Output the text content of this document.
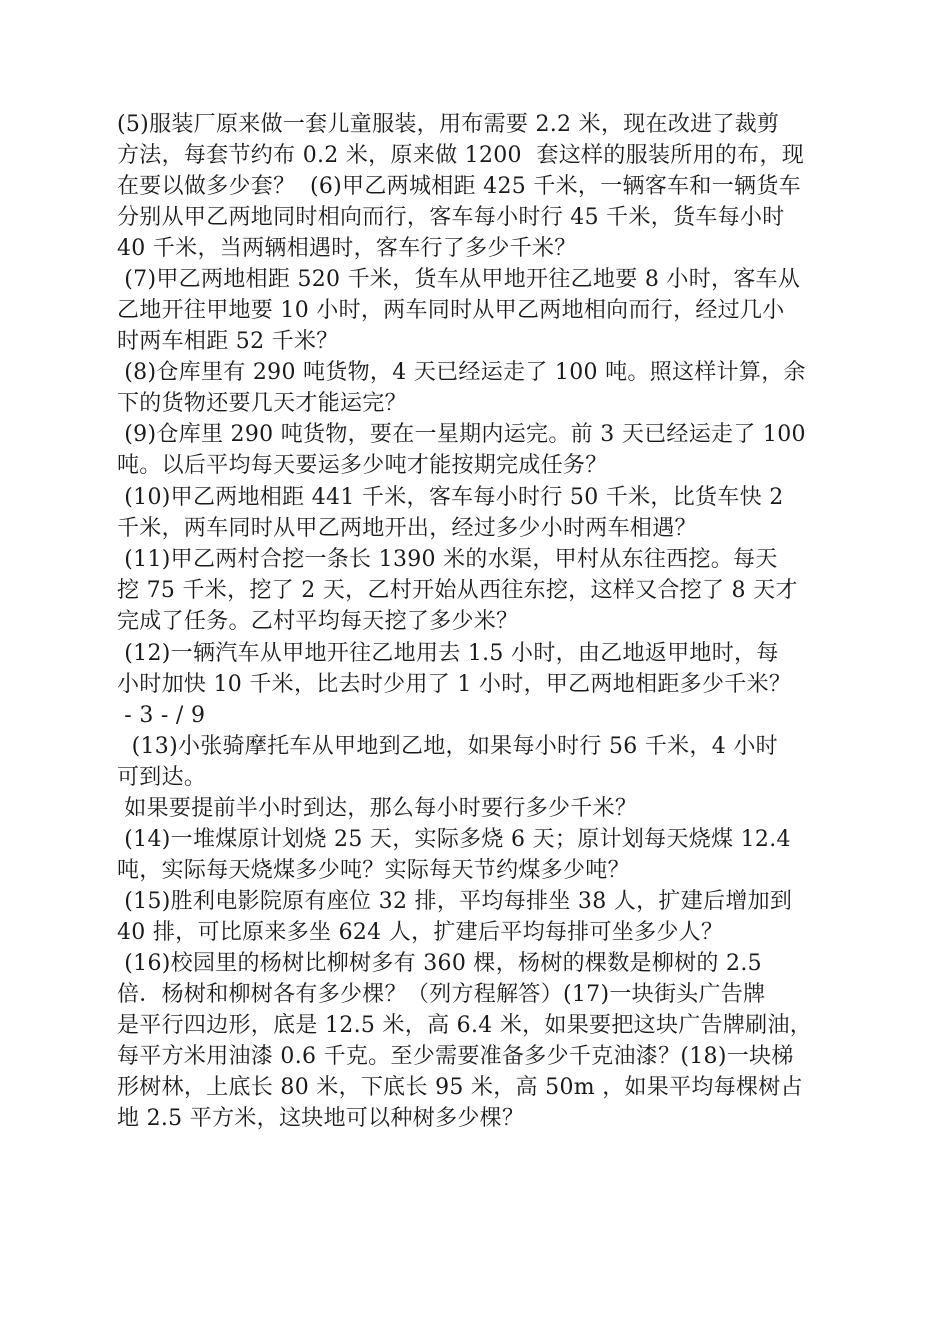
(5)服装厂原来做一套儿童服装，用布需要 2.2 米，现在改进了裁剪
方法，每套节约布 0.2 米，原来做 1200  套这样的服装所用的布，现
在要以做多少套？  (6)甲乙两城相距 425 千米，一辆客车和一辆货车
分别从甲乙两地同时相向而行，客车每小时行 45 千米，货车每小时
40 千米，当两辆相遇时，客车行了多少千米？
(7)甲乙两地相距 520 千米，货车从甲地开往乙地要 8 小时，客车从
乙地开往甲地要 10 小时，两车同时从甲乙两地相向而行，经过几小
时两车相距 52 千米？
(8)仓库里有 290 吨货物，4 天已经运走了 100 吨。照这样计算，余
下的货物还要几天才能运完？
(9)仓库里 290 吨货物，要在一星期内运完。前 3 天已经运走了 100
吨。以后平均每天要运多少吨才能按期完成任务？
(10)甲乙两地相距 441 千米，客车每小时行 50 千米，比货车快 2
千米，两车同时从甲乙两地开出，经过多少小时两车相遇？
(11)甲乙两村合挖一条长 1390 米的水渠，甲村从东往西挖。每天
挖 75 千米，挖了 2 天，乙村开始从西往东挖，这样又合挖了 8 天才
完成了任务。乙村平均每天挖了多少米？
(12)一辆汽车从甲地开往乙地用去 1.5 小时，由乙地返甲地时，每
小时加快 10 千米，比去时少用了 1 小时，甲乙两地相距多少千米？
- 3 - / 9
(13)小张骑摩托车从甲地到乙地，如果每小时行 56 千米，4 小时
可到达。
如果要提前半小时到达，那么每小时要行多少千米？
(14)一堆煤原计划烧 25 天，实际多烧 6 天；原计划每天烧煤 12.4
吨，实际每天烧煤多少吨？实际每天节约煤多少吨？
(15)胜利电影院原有座位 32 排，平均每排坐 38 人，扩建后增加到
40 排，可比原来多坐 624 人，扩建后平均每排可坐多少人？
(16)校园里的杨树比柳树多有 360 棵，杨树的棵数是柳树的 2.5
倍．杨树和柳树各有多少棵？（列方程解答）(17)一块街头广告牌
是平行四边形，底是 12.5 米，高 6.4 米，如果要把这块广告牌刷油，
每平方米用油漆 0.6 千克。至少需要准备多少千克油漆？(18)一块梯
形树林，上底长 80 米，下底长 95 米，高 50m ，如果平均每棵树占
地 2.5 平方米，这块地可以种树多少棵？
